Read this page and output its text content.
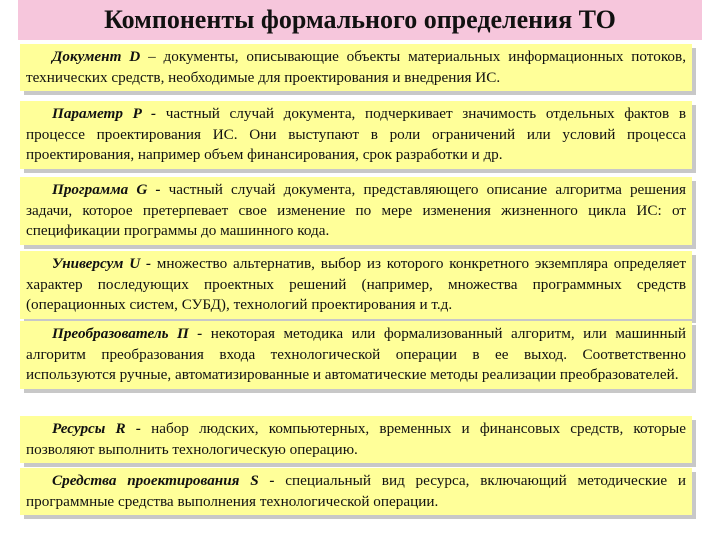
Компоненты формального определения ТО
Документ D – документы, описывающие объекты материальных информационных потоков, технических средств, необходимые для проектирования и внедрения ИС.
Параметр P - частный случай документа, подчеркивает значимость отдельных фактов в процессе проектирования ИС. Они выступают в роли ограничений или условий процесса проектирования, например объем финансирования, срок разработки и др.
Программа G - частный случай документа, представляющего описание алгоритма решения задачи, которое претерпевает свое изменение по мере изменения жизненного цикла ИС: от спецификации программы до машинного кода.
Универсум U - множество альтернатив, выбор из которого конкретного экземпляра определяет характер последующих проектных решений (например, множества программных средств (операционных систем, СУБД), технологий проектирования и т.д.
Преобразователь П - некоторая методика или формализованный алгоритм, или машинный алгоритм преобразования входа технологической операции в ее выход. Соответственно используются ручные, автоматизированные и автоматические методы реализации преобразователей.
Ресурсы R - набор людских, компьютерных, временных и финансовых средств, которые позволяют выполнить технологическую операцию.
Средства проектирования S - специальный вид ресурса, включающий методические и программные средства выполнения технологической операции.
